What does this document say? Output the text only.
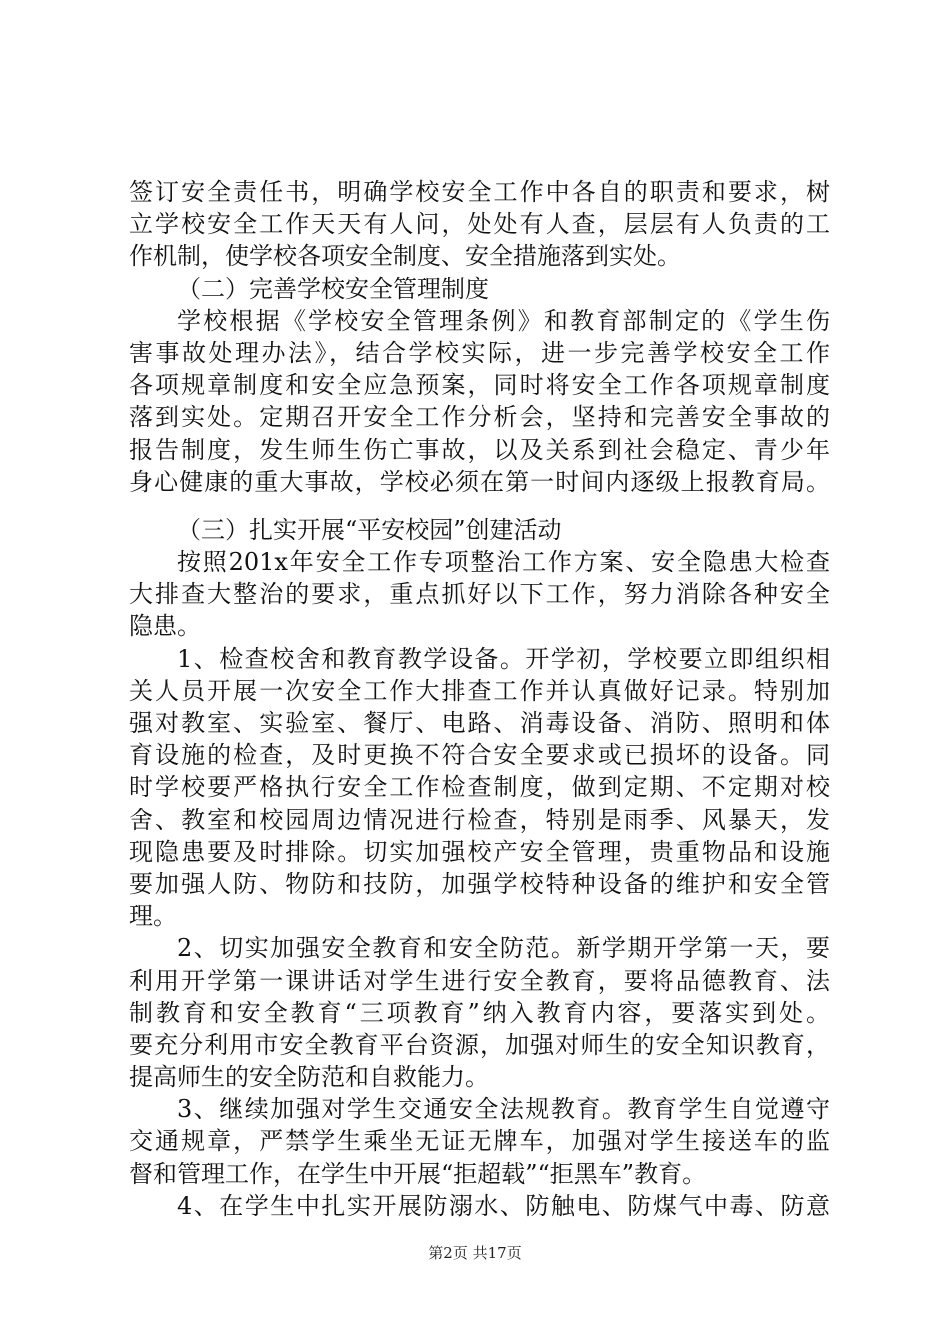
签订安全责任书，明确学校安全工作中各自的职责和要求，树
立学校安全工作天天有人问，处处有人查，层层有人负责的工
作机制，使学校各项安全制度、安全措施落到实处。
（二）完善学校安全管理制度
学校根据《学校安全管理条例》和教育部制定的《学生伤
害事故处理办法》，结合学校实际，进一步完善学校安全工作
各项规章制度和安全应急预案，同时将安全工作各项规章制度
落到实处。定期召开安全工作分析会，坚持和完善安全事故的
报告制度，发生师生伤亡事故，以及关系到社会稳定、青少年
身心健康的重大事故，学校必须在第一时间内逐级上报教育局。
（三）扎实开展“平安校园”创建活动
按照201x年安全工作专项整治工作方案、安全隐患大检查
大排查大整治的要求，重点抓好以下工作，努力消除各种安全
隐患。
1、检查校舍和教育教学设备。开学初，学校要立即组织相
关人员开展一次安全工作大排查工作并认真做好记录。特别加
强对教室、实验室、餐厅、电路、消毒设备、消防、照明和体
育设施的检查，及时更换不符合安全要求或已损坏的设备。同
时学校要严格执行安全工作检查制度，做到定期、不定期对校
舍、教室和校园周边情况进行检查，特别是雨季、风暴天，发
现隐患要及时排除。切实加强校产安全管理，贵重物品和设施
要加强人防、物防和技防，加强学校特种设备的维护和安全管
理。
2、切实加强安全教育和安全防范。新学期开学第一天，要
利用开学第一课讲话对学生进行安全教育，要将品德教育、法
制教育和安全教育“三项教育”纳入教育内容，要落实到处。
要充分利用市安全教育平台资源，加强对师生的安全知识教育，
提高师生的安全防范和自救能力。
3、继续加强对学生交通安全法规教育。教育学生自觉遵守
交通规章，严禁学生乘坐无证无牌车，加强对学生接送车的监
督和管理工作，在学生中开展“拒超载”“拒黑车”教育。
4、在学生中扎实开展防溺水、防触电、防煤气中毒、防意
第2页 共17页
